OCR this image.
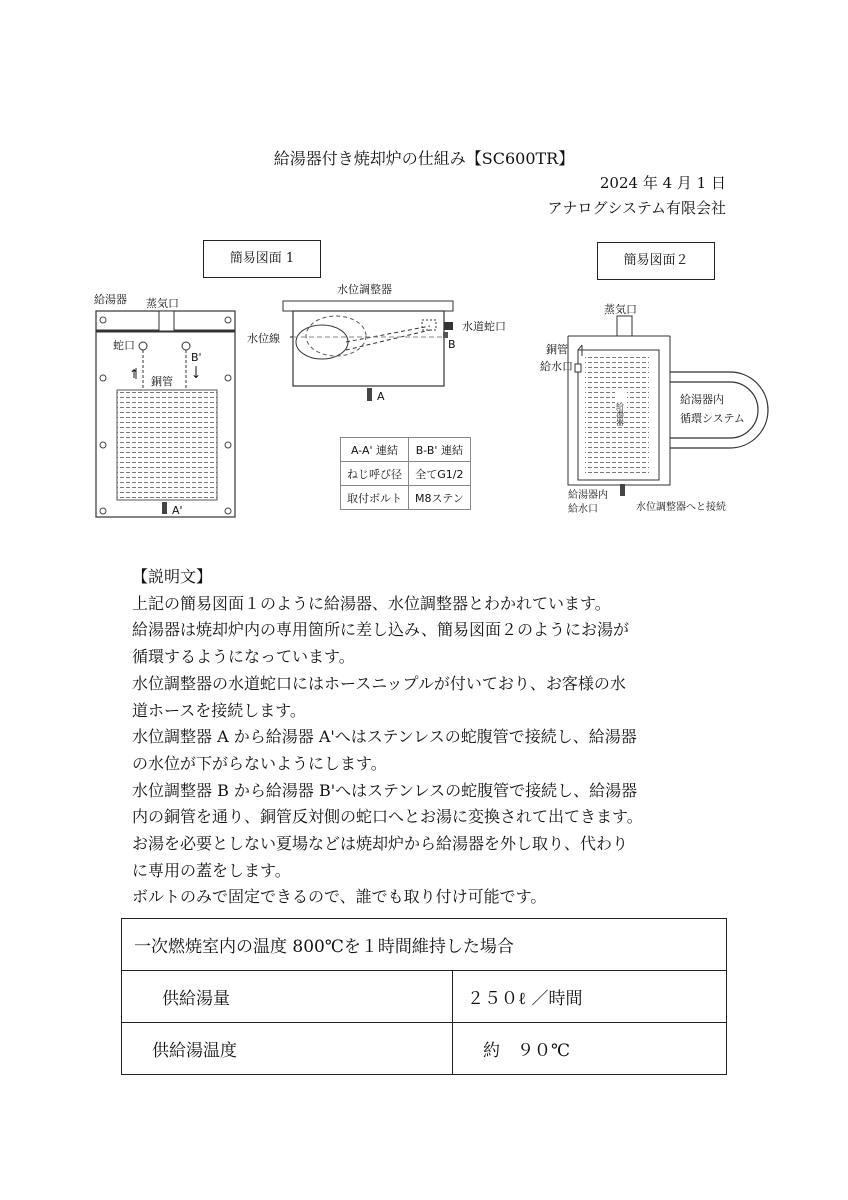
給湯器付き焼却炉の仕組み【SC600TR】
2024 年 4 月 1 日
アナログシステム有限会社
簡易図面 1	簡易図面２
給湯器 蒸気口
蛇口
B'
↑	↓
銅管
A'
水位調整器
水位線
水道蛇口
B
A
蒸気口
銅管
給水口
給湯器
給湯器内
循環システム
給湯器内
給水口	水位調整器へと接続
A-A' 連結	B-B' 連結
ねじ呼び径	全てG1/2
取付ボルト	M8ステン

【説明文】

上記の簡易図面１のように給湯器、水位調整器とわかれています。

給湯器は焼却炉内の専用箇所に差し込み、簡易図面２のようにお湯が

循環するようになっています。

水位調整器の水道蛇口にはホースニップルが付いており、お客様の水

道ホースを接続します。

水位調整器 A から給湯器 A'へはステンレスの蛇腹管で接続し、給湯器

の水位が下がらないようにします。

水位調整器 B から給湯器 B'へはステンレスの蛇腹管で接続し、給湯器

内の銅管を通り、銅管反対側の蛇口へとお湯に変換されて出てきます。

お湯を必要としない夏場などは焼却炉から給湯器を外し取り、代わり

に専用の蓋をします。

ボルトのみで固定できるので、誰でも取り付け可能です。

一次燃焼室内の温度 800℃を１時間維持した場合	
供給湯量	２５０ℓ ／時間
供給湯温度	約　９０℃
